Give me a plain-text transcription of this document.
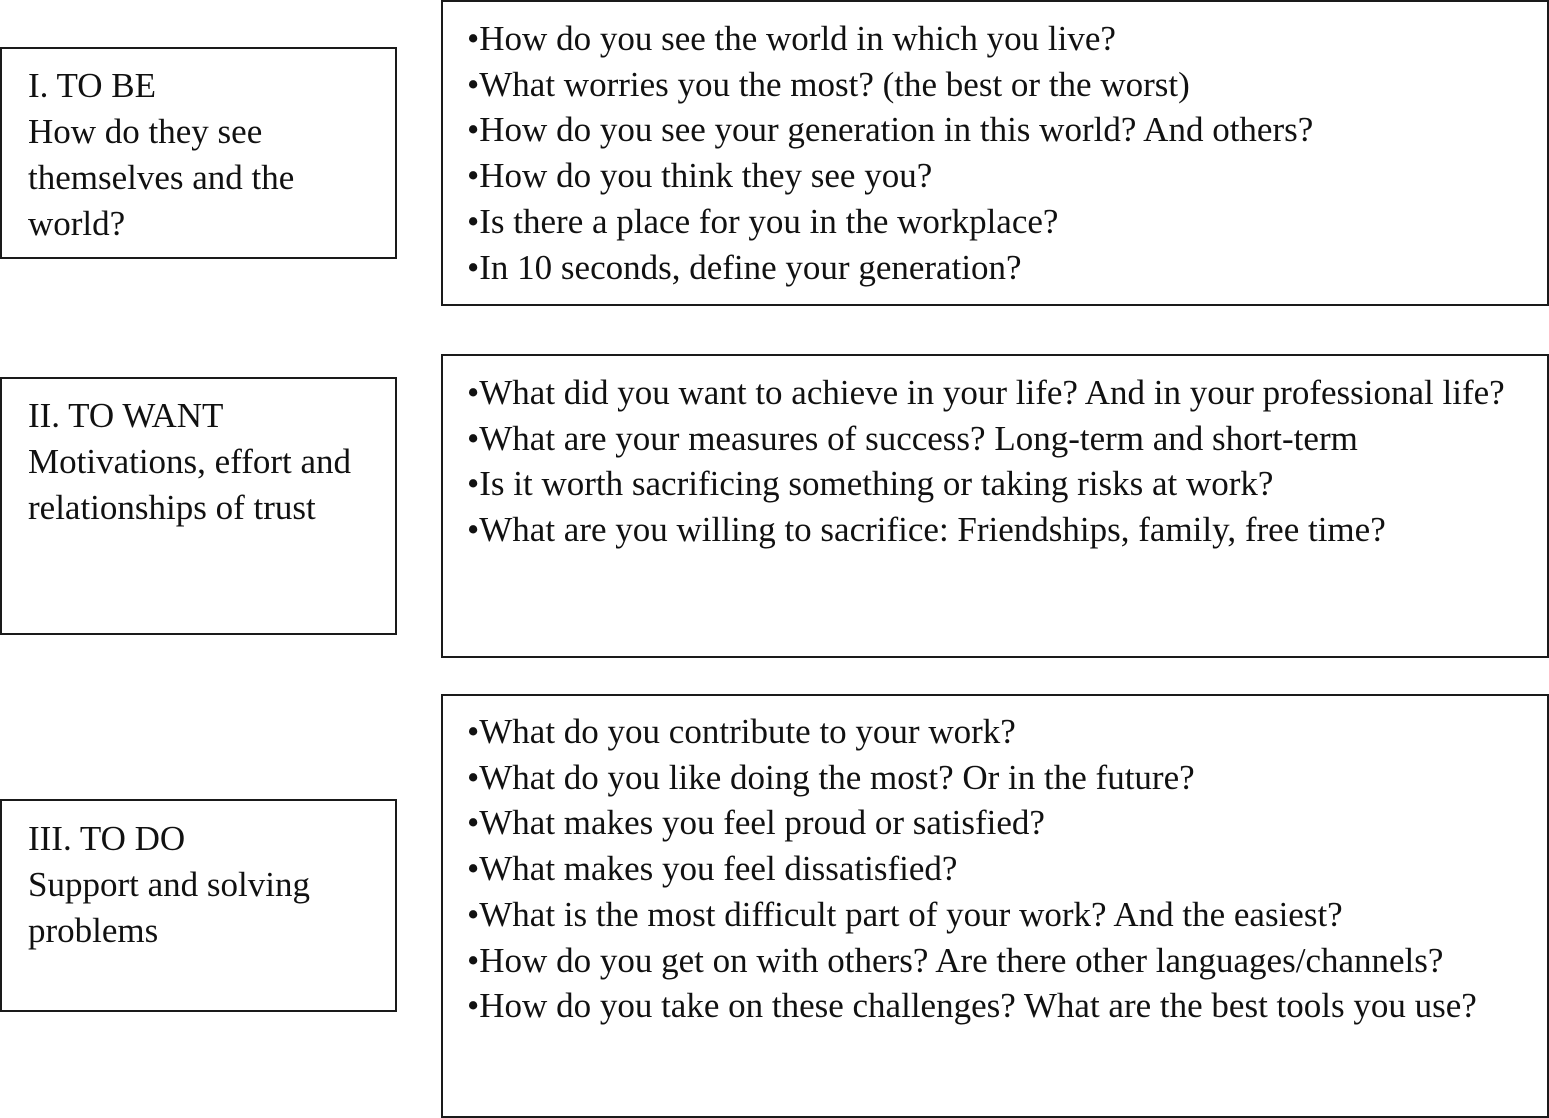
I. TO BE
How do they see themselves and the world?
• How do you see the world in which you live?
• What worries you the most? (the best or the worst)
• How do you see your generation in this world? And others?
• How do you think they see you?
• Is there a place for you in the workplace?
• In 10 seconds, define your generation?
II. TO WANT
Motivations, effort and relationships of trust
• What did you want to achieve in your life? And in your professional life?
• What are your measures of success? Long-term and short-term
• Is it worth sacrificing something or taking risks at work?
• What are you willing to sacrifice: Friendships, family, free time?
III. TO DO
Support and solving problems
• What do you contribute to your work?
• What do you like doing the most? Or in the future?
• What makes you feel proud or satisfied?
• What makes you feel dissatisfied?
• What is the most difficult part of your work? And the easiest?
• How do you get on with others? Are there other languages/channels?
• How do you take on these challenges? What are the best tools you use?
